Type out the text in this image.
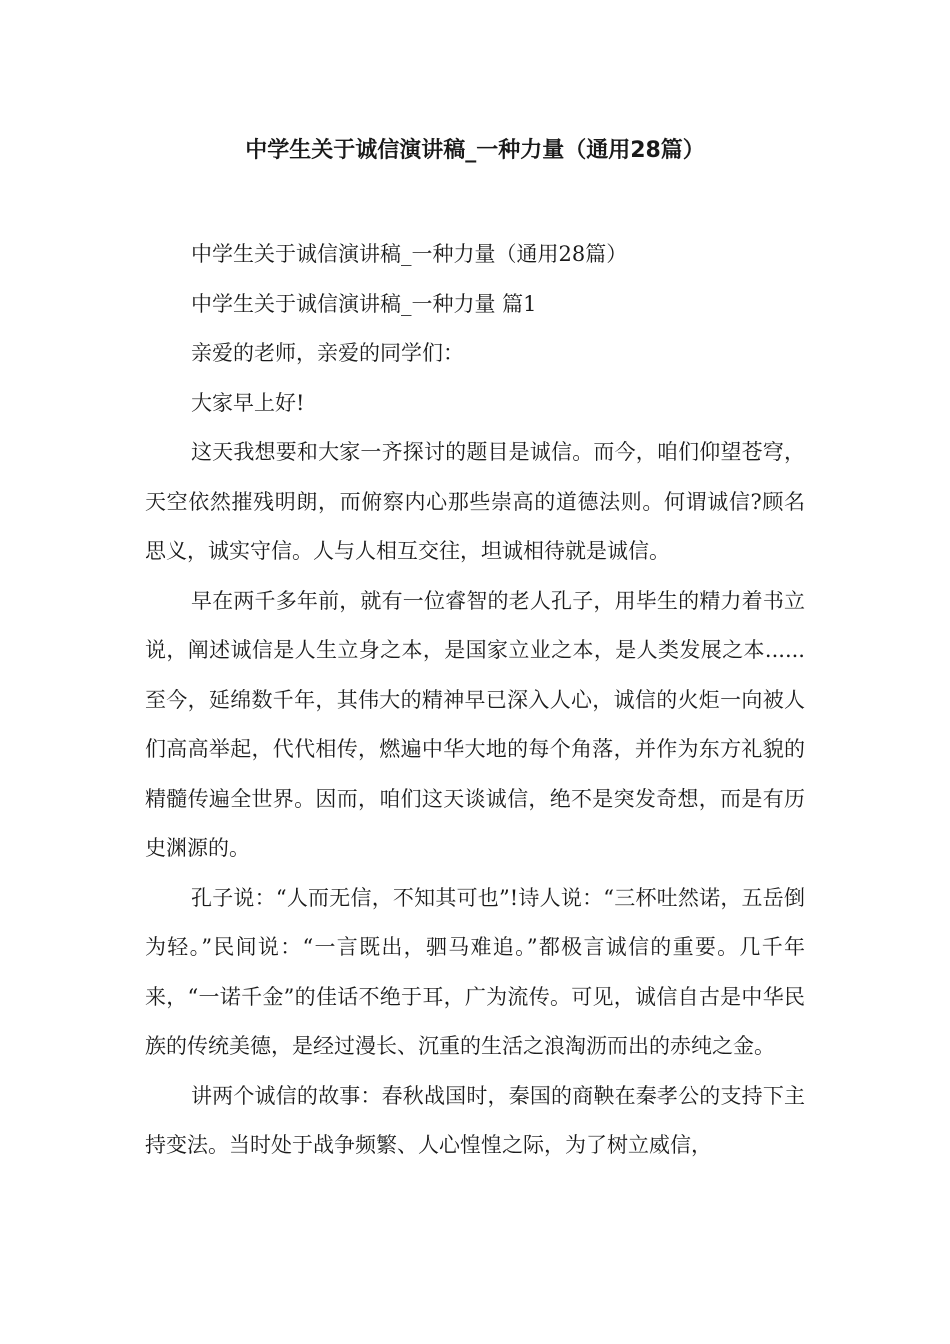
中学生关于诚信演讲稿_一种力量（通用28篇）

中学生关于诚信演讲稿_一种力量（通用28篇）

中学生关于诚信演讲稿_一种力量 篇1

亲爱的老师，亲爱的同学们：

大家早上好!

这天我想要和大家一齐探讨的题目是诚信。而今，咱们仰望苍穹，天空依然摧残明朗，而俯察内心那些崇高的道德法则。何谓诚信?顾名思义，诚实守信。人与人相互交往，坦诚相待就是诚信。

早在两千多年前，就有一位睿智的老人孔子，用毕生的精力着书立说，阐述诚信是人生立身之本，是国家立业之本，是人类发展之本......至今，延绵数千年，其伟大的精神早已深入人心，诚信的火炬一向被人们高高举起，代代相传，燃遍中华大地的每个角落，并作为东方礼貌的精髓传遍全世界。因而，咱们这天谈诚信，绝不是突发奇想，而是有历史渊源的。

孔子说：“人而无信，不知其可也”!诗人说：“三杯吐然诺，五岳倒为轻。”民间说：“一言既出，驷马难追。”都极言诚信的重要。几千年来，“一诺千金”的佳话不绝于耳，广为流传。可见，诚信自古是中华民族的传统美德，是经过漫长、沉重的生活之浪淘沥而出的赤纯之金。

讲两个诚信的故事：春秋战国时，秦国的商鞅在秦孝公的支持下主持变法。当时处于战争频繁、人心惶惶之际，为了树立威信，
